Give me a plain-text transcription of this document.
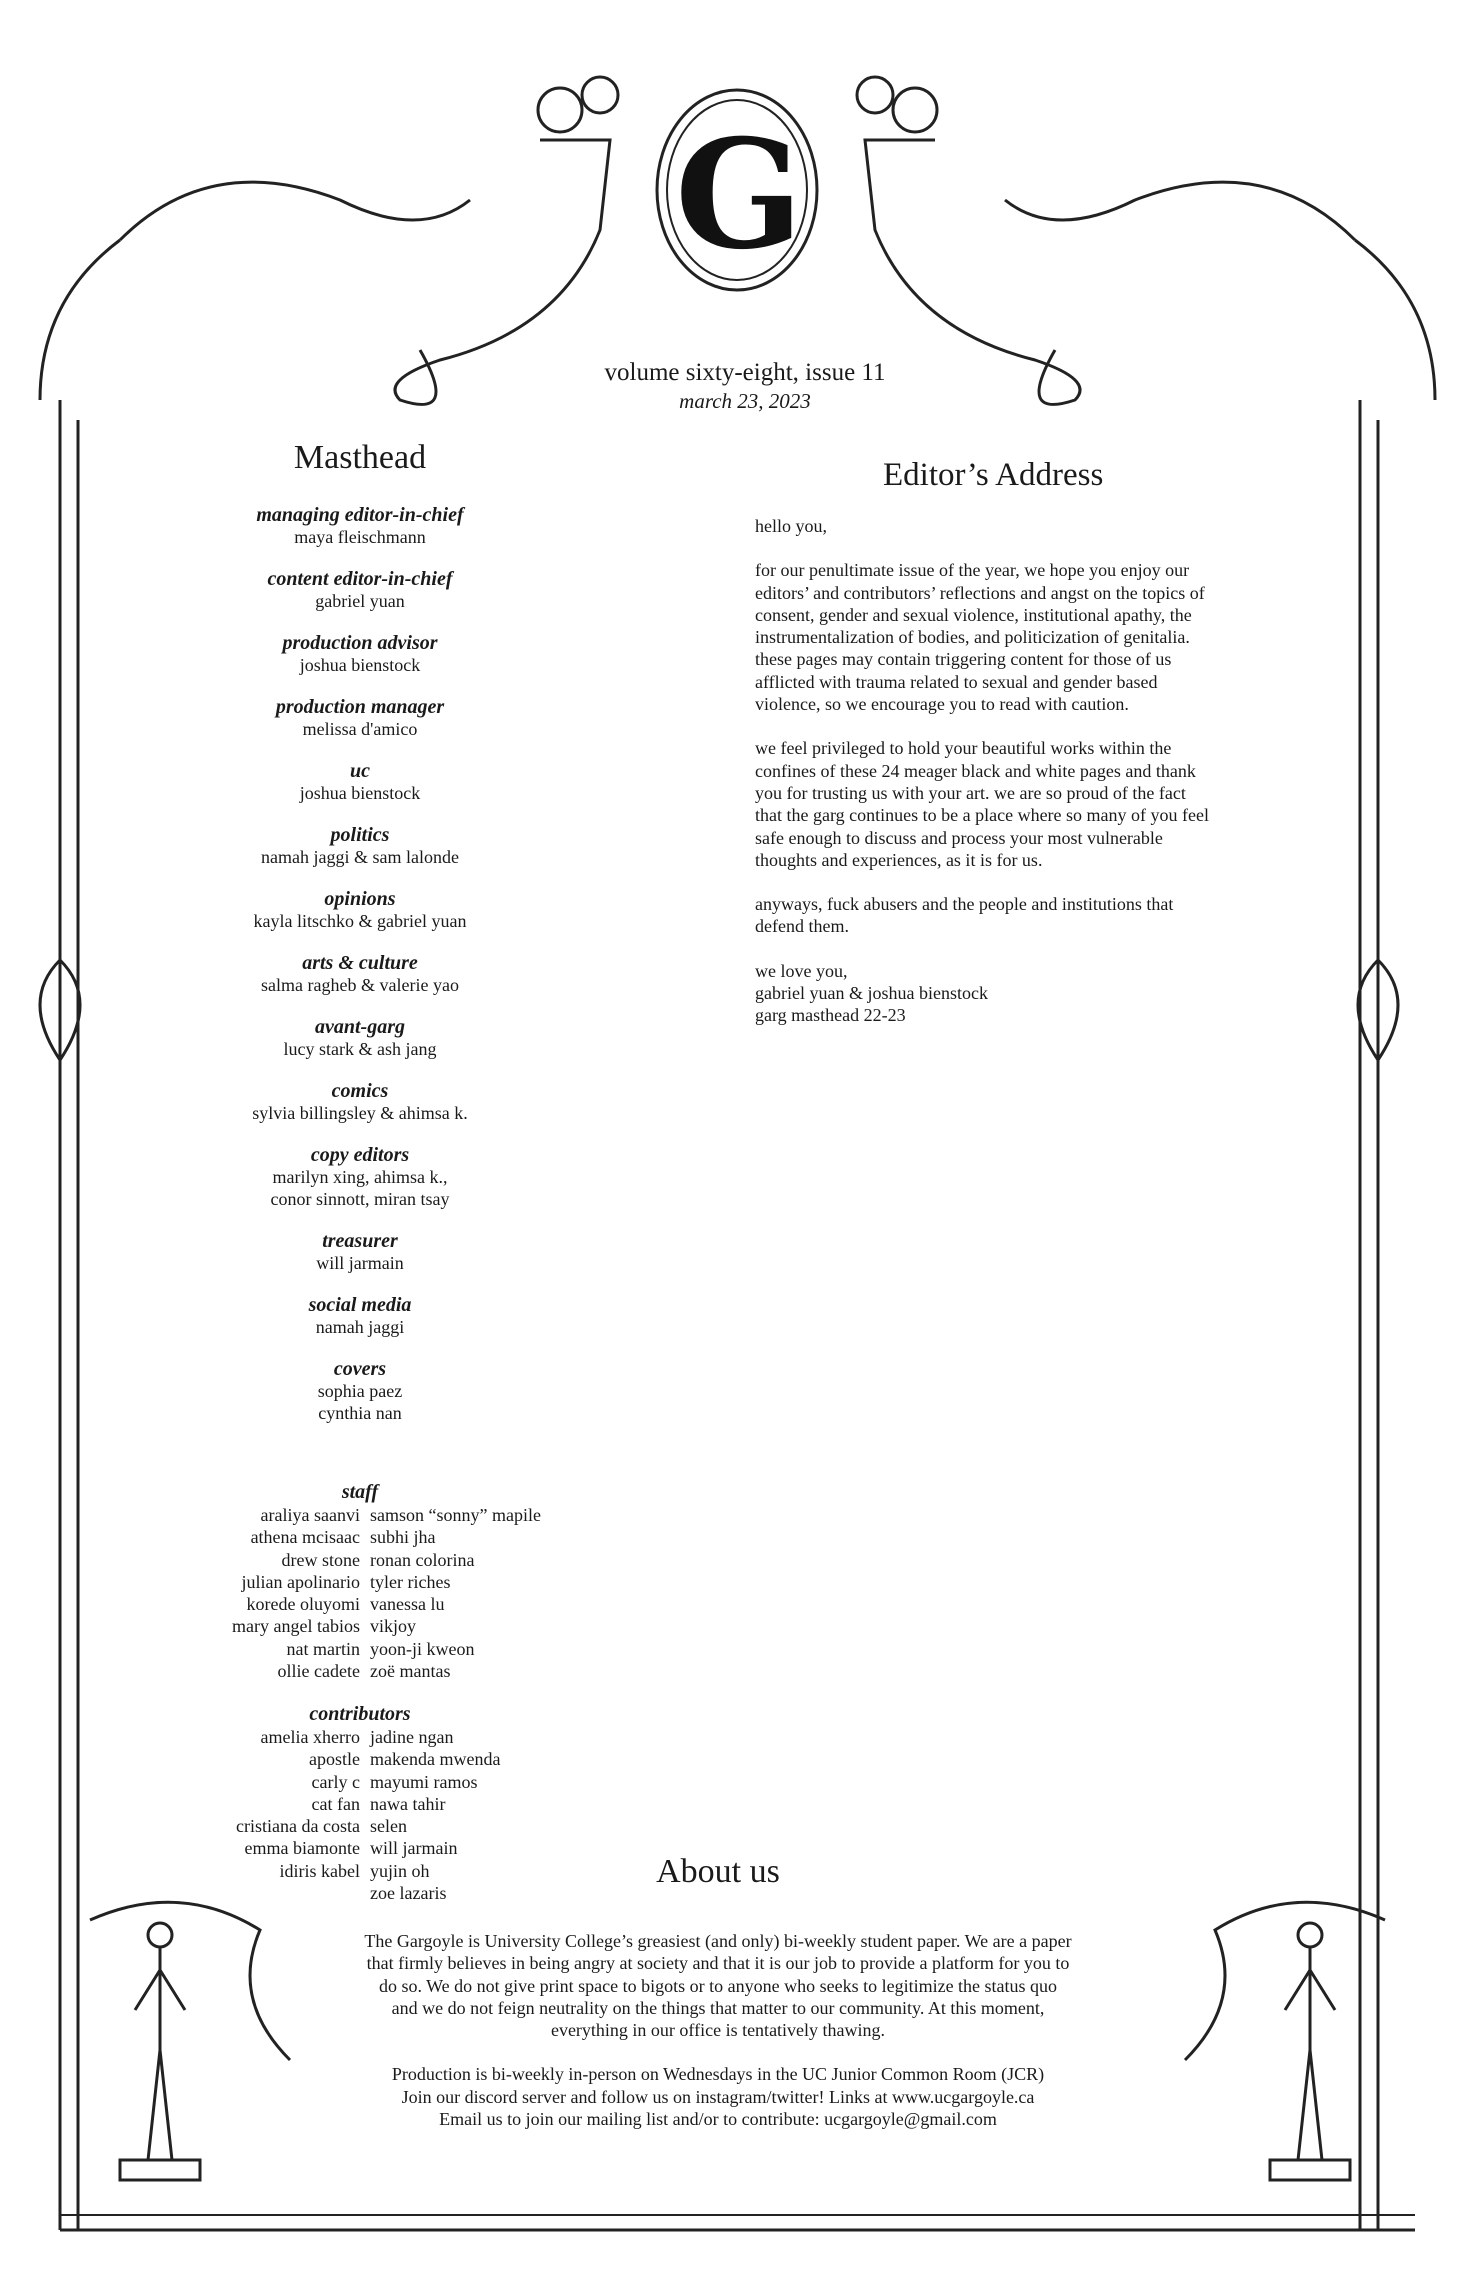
G
volume sixty-eight, issue 11
march 23, 2023
Masthead
managing editor-in-chief
maya fleischmann
content editor-in-chief
gabriel yuan
production advisor
joshua bienstock
production manager
melissa d'amico
uc
joshua bienstock
politics
namah jaggi & sam lalonde
opinions
kayla litschko & gabriel yuan
arts & culture
salma ragheb & valerie yao
avant-garg
lucy stark & ash jang
comics
sylvia billingsley & ahimsa k.
copy editors
marilyn xing, ahimsa k.,
conor sinnott, miran tsay
treasurer
will jarmain
social media
namah jaggi
covers
sophia paez
cynthia nan
staff
araliya saanvi
athena mcisaac
drew stone
julian apolinario
korede oluyomi
mary angel tabios
nat martin
ollie cadete
samson “sonny” mapile
subhi jha
ronan colorina
tyler riches
vanessa lu
vikjoy
yoon-ji kweon
zoë mantas
contributors
amelia xherro
apostle
carly c
cat fan
cristiana da costa
emma biamonte
idiris kabel
jadine ngan
makenda mwenda
mayumi ramos
nawa tahir
selen
will jarmain
yujin oh
zoe lazaris
Editor’s Address

hello you,

for our penultimate issue of the year, we hope you enjoy our
editors’ and contributors’ reflections and angst on the topics of
consent, gender and sexual violence, institutional apathy, the
instrumentalization of bodies, and politicization of genitalia.
these pages may contain triggering content for those of us
afflicted with trauma related to sexual and gender based
violence, so we encourage you to read with caution.

we feel privileged to hold your beautiful works within the
confines of these 24 meager black and white pages and thank
you for trusting us with your art. we are so proud of the fact
that the garg continues to be a place where so many of you feel
safe enough to discuss and process your most vulnerable
thoughts and experiences, as it is for us.

anyways, fuck abusers and the people and institutions that
defend them.

we love you,
gabriel yuan & joshua bienstock
garg masthead 22-23

About us

The Gargoyle is University College’s greasiest (and only) bi-weekly student paper. We are a paper
that firmly believes in being angry at society and that it is our job to provide a platform for you to
do so. We do not give print space to bigots or to anyone who seeks to legitimize the status quo
and we do not feign neutrality on the things that matter to our community. At this moment,
everything in our office is tentatively thawing.

Production is bi-weekly in-person on Wednesdays in the UC Junior Common Room (JCR)
Join our discord server and follow us on instagram/twitter! Links at www.ucgargoyle.ca
Email us to join our mailing list and/or to contribute: ucgargoyle@gmail.com
